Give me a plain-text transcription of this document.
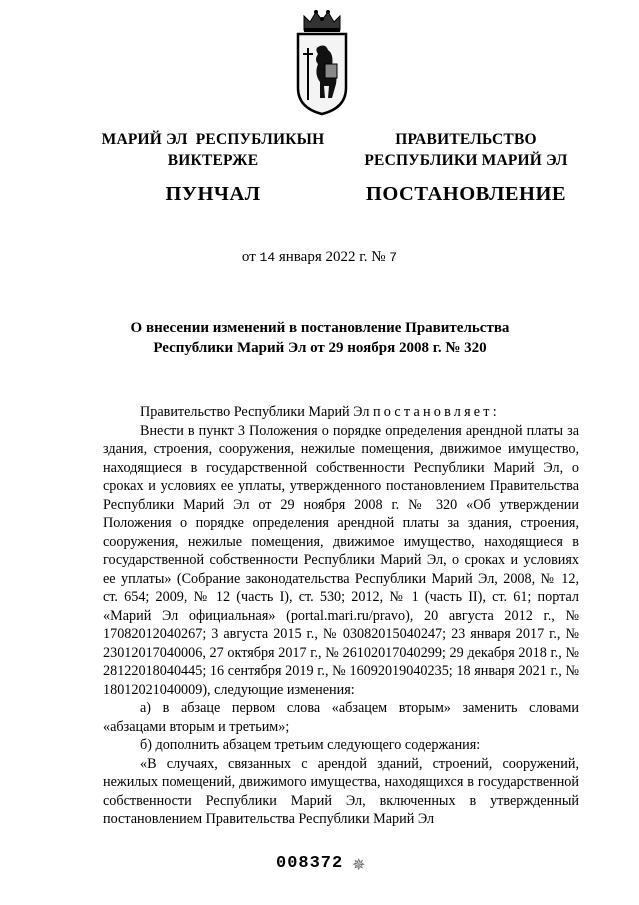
МАРИЙ ЭЛ  РЕСПУБЛИКЫН
ВИКТЕРЖЕ
ПУНЧАЛ
ПРАВИТЕЛЬСТВО
РЕСПУБЛИКИ МАРИЙ ЭЛ
ПОСТАНОВЛЕНИЕ
от 14 января 2022 г. № 7
О внесении изменений в постановление Правительства
Республики Марий Эл от 29 ноября 2008 г. № 320

Правительство Республики Марий Эл постановляет:

Внести в пункт 3 Положения о порядке определения арендной платы за здания, строения, сооружения, нежилые помещения, движимое имущество, находящиеся в государственной собственности Республики Марий Эл, о сроках и условиях ее уплаты, утвержденного постановлением Правительства Республики Марий Эл от 29 ноября 2008 г. № 320 «Об утверждении Положения о порядке определения арендной платы за здания, строения, сооружения, нежилые помещения, движимое имущество, находящиеся в государственной собственности Республики Марий Эл, о сроках и условиях ее уплаты» (Собрание законодательства Республики Марий Эл, 2008, № 12, ст. 654; 2009, № 12 (часть I), ст. 530; 2012, № 1 (часть II), ст. 61; портал «Марий Эл официальная» (portal.mari.ru/pravo), 20 августа 2012 г., № 17082012040267; 3 августа 2015 г., № 03082015040247; 23 января 2017 г., № 23012017040006, 27 октября 2017 г., № 26102017040299; 29 декабря 2018 г., № 28122018040445; 16 сентября 2019 г., № 16092019040235; 18 января 2021 г., № 18012021040009), следующие изменения:

а) в абзаце первом слова «абзацем вторым» заменить словами «абзацами вторым и третьим»;

б) дополнить абзацем третьим следующего содержания:

«В случаях, связанных с арендой зданий, строений, сооружений, нежилых помещений, движимого имущества, находящихся в государственной собственности Республики Марий Эл, включенных в утвержденный постановлением Правительства Республики Марий Эл

008372 ✵
